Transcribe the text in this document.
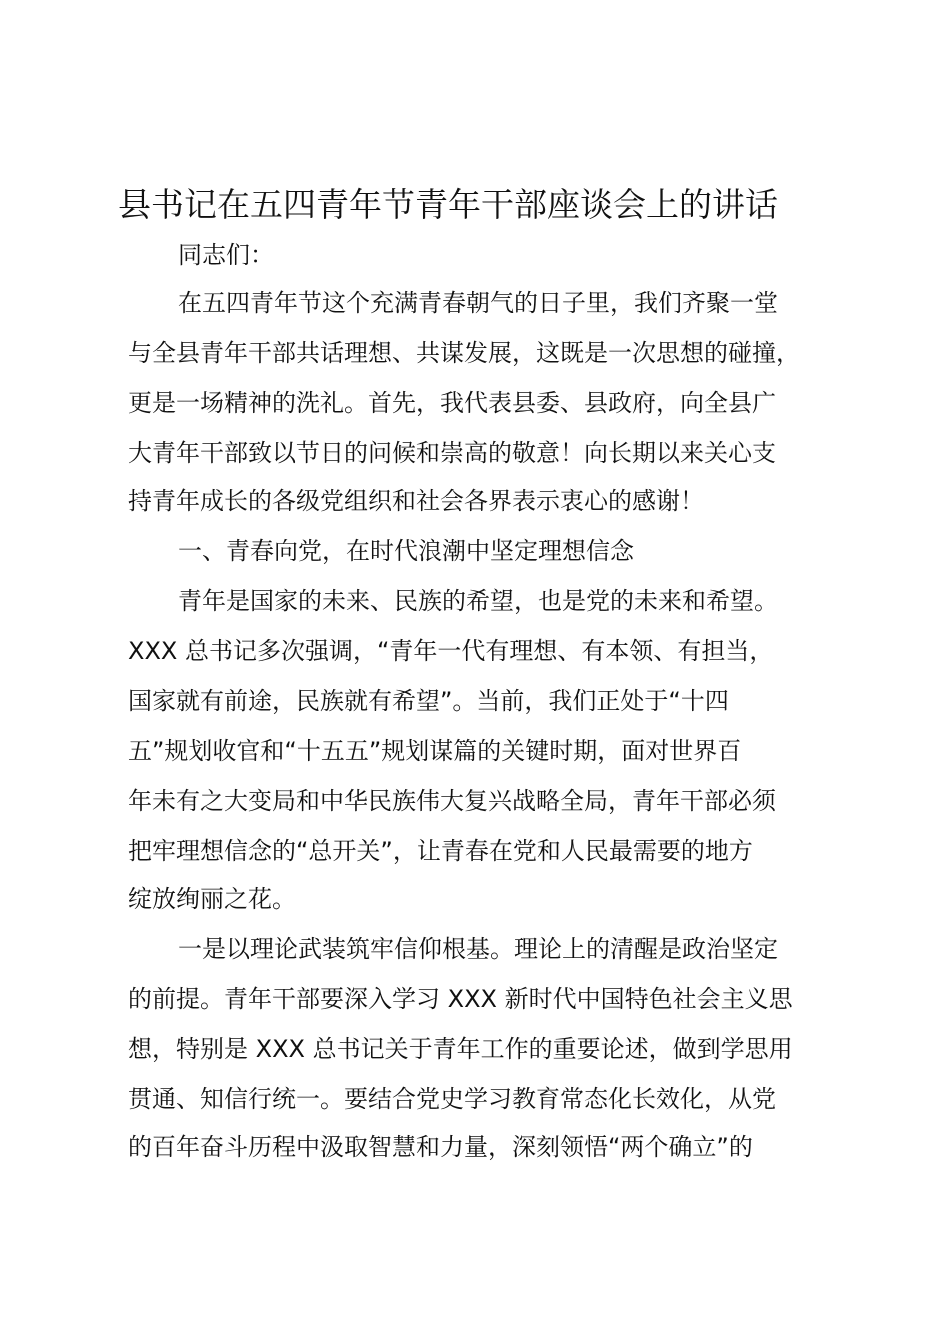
县书记在五四青年节青年干部座谈会上的讲话
同志们：
在五四青年节这个充满青春朝气的日子里，我们齐聚一堂
与全县青年干部共话理想、共谋发展，这既是一次思想的碰撞，
更是一场精神的洗礼。首先，我代表县委、县政府，向全县广
大青年干部致以节日的问候和崇高的敬意！向长期以来关心支
持青年成长的各级党组织和社会各界表示衷心的感谢！
一、青春向党，在时代浪潮中坚定理想信念
青年是国家的未来、民族的希望，也是党的未来和希望。
XXX 总书记多次强调，“青年一代有理想、有本领、有担当，
国家就有前途，民族就有希望”。当前，我们正处于“十四
五”规划收官和“十五五”规划谋篇的关键时期，面对世界百
年未有之大变局和中华民族伟大复兴战略全局，青年干部必须
把牢理想信念的“总开关”，让青春在党和人民最需要的地方
绽放绚丽之花。
一是以理论武装筑牢信仰根基。理论上的清醒是政治坚定
的前提。青年干部要深入学习 XXX 新时代中国特色社会主义思
想，特别是 XXX 总书记关于青年工作的重要论述，做到学思用
贯通、知信行统一。要结合党史学习教育常态化长效化，从党
的百年奋斗历程中汲取智慧和力量，深刻领悟“两个确立”的
